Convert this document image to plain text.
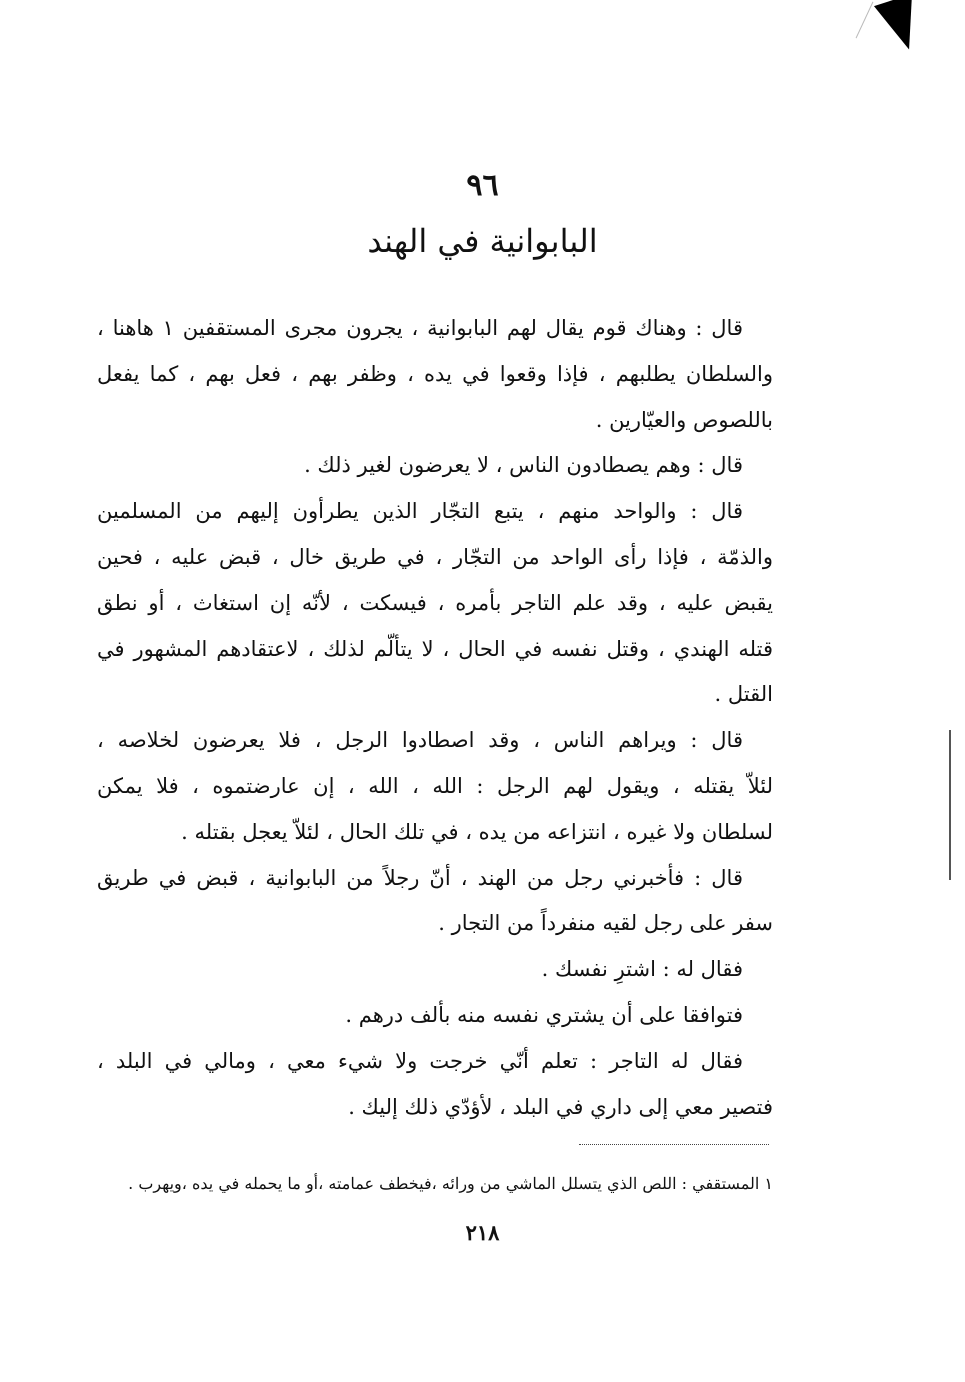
٩٦
البابوانية في الهند
قال : وهناك قوم يقال لهم البابوانية ، يجرون مجرى المستقفين ١ هاهنا ،
والسلطان يطلبهم ، فإذا وقعوا في يده ، وظفر بهم ، فعل بهم ، كما يفعل
باللصوص والعيّارين .
قال : وهم يصطادون الناس ، لا يعرضون لغير ذلك .
قال : والواحد منهم ، يتبع التجّار الذين يطرأون إليهم من المسلمين
والذمّة ، فإذا رأى الواحد من التجّار ، في طريق خال ، قبض عليه ، فحين
يقبض عليه ، وقد علم التاجر بأمره ، فيسكت ، لأنّه إن استغاث ، أو نطق
قتله الهندي ، وقتل نفسه في الحال ، لا يتألّم لذلك ، لاعتقادهم المشهور في
القتل .
قال : ويراهم الناس ، وقد اصطادوا الرجل ، فلا يعرضون لخلاصه ،
لئلاّ يقتله ، ويقول لهم الرجل : الله ، الله ، إن عارضتموه ، فلا يمكن
لسلطان ولا غيره ، انتزاعه من يده ، في تلك الحال ، لئلاّ يعجل بقتله .
قال : فأخبرني رجل من الهند ، أنّ رجلاً من البابوانية ، قبض في طريق
سفر على رجل لقيه منفرداً من التجار .
فقال له : اشترِ نفسك .
فتوافقا على أن يشتري نفسه منه بألف درهم .
فقال له التاجر : تعلم أنّي خرجت ولا شيء معي ، ومالي في البلد ،
فتصير معي إلى داري في البلد ، لأؤدّي ذلك إليك .
١ المستقفي : اللص الذي يتسلل الماشي من ورائه ،فيخطف عمامته ،أو ما يحمله في يده ،ويهرب .
٢١٨
